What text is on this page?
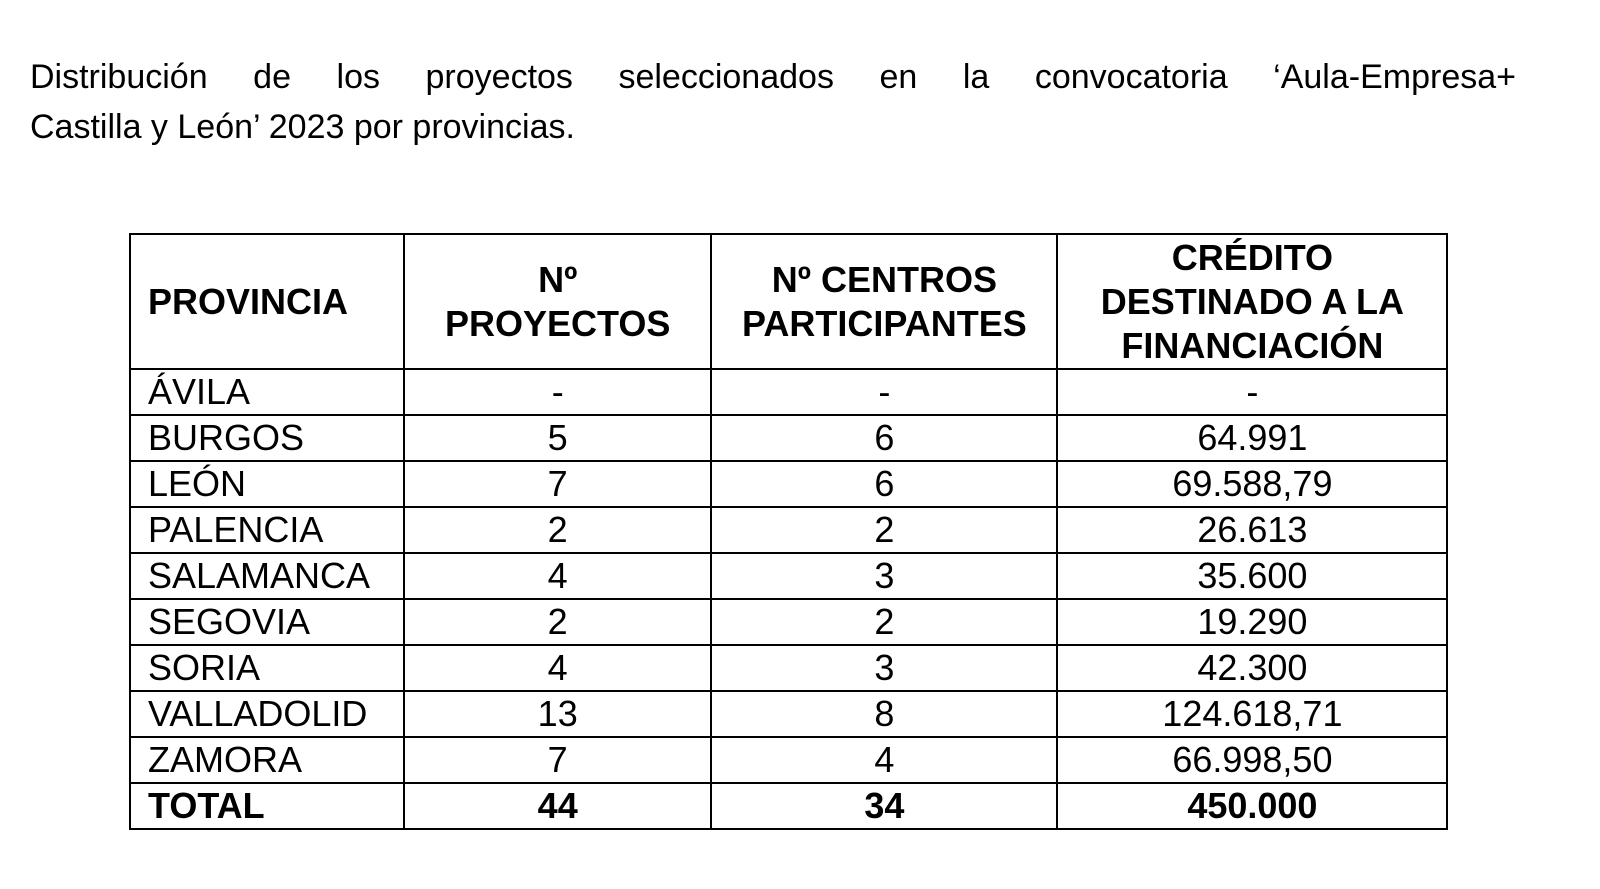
Distribución de los proyectos seleccionados en la convocatoria ‘Aula-Empresa+
Castilla y León’ 2023 por provincias.
PROVINCIA	Nº PROYECTOS	Nº CENTROS PARTICIPANTES	CRÉDITO DESTINADO A LA FINANCIACIÓN
ÁVILA	-	-	-
BURGOS	5	6	64.991
LEÓN	7	6	69.588,79
PALENCIA	2	2	26.613
SALAMANCA	4	3	35.600
SEGOVIA	2	2	19.290
SORIA	4	3	42.300
VALLADOLID	13	8	124.618,71
ZAMORA	7	4	66.998,50
TOTAL	44	34	450.000
